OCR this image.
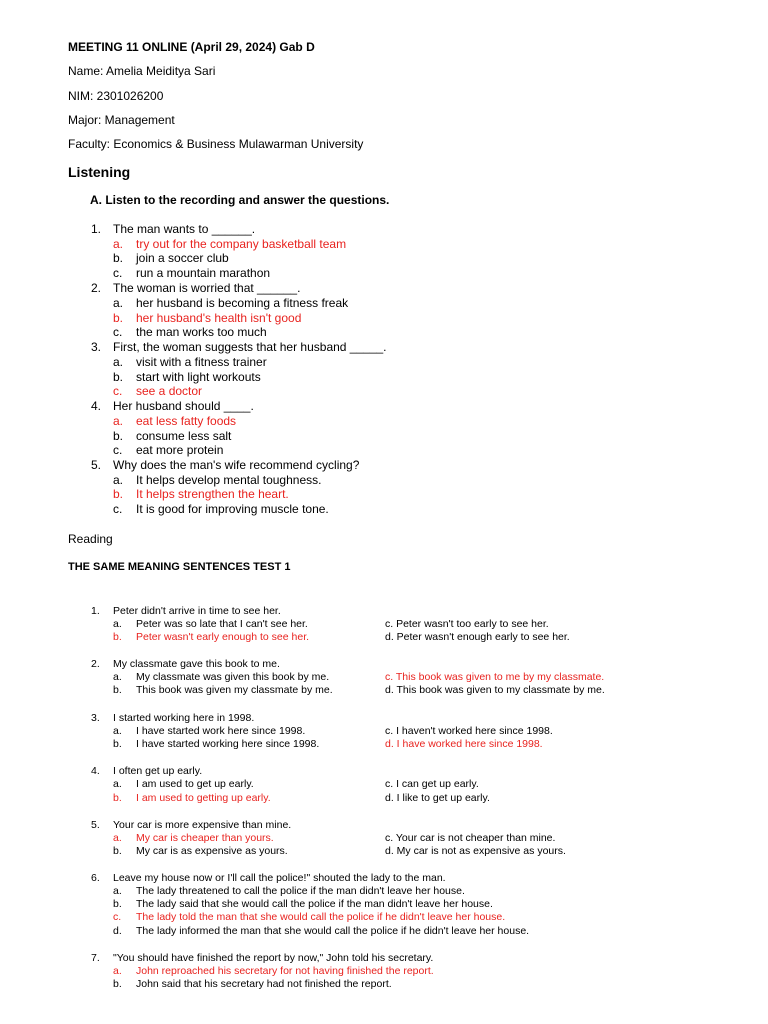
MEETING 11 ONLINE (April 29, 2024) Gab D
Name: Amelia Meiditya Sari
NIM: 2301026200
Major: Management
Faculty: Economics & Business Mulawarman University
Listening
A. Listen to the recording and answer the questions.
1. The man wants to ______.
a. try out for the company basketball team
b. join a soccer club
c. run a mountain marathon
2. The woman is worried that ______.
a. her husband is becoming a fitness freak
b. her husband's health isn't good
c. the man works too much
3. First, the woman suggests that her husband _____.
a. visit with a fitness trainer
b. start with light workouts
c. see a doctor
4. Her husband should ____.
a. eat less fatty foods
b. consume less salt
c. eat more protein
5. Why does the man's wife recommend cycling?
a. It helps develop mental toughness.
b. It helps strengthen the heart.
c. It is good for improving muscle tone.
Reading
THE SAME MEANING SENTENCES TEST 1
1. Peter didn't arrive in time to see her.
a. Peter was so late that I can't see her.
b. Peter wasn't early enough to see her.
c. Peter wasn't too early to see her.
d. Peter wasn't enough early to see her.
2. My classmate gave this book to me.
a. My classmate was given this book by me.
b. This book was given my classmate by me.
c. This book was given to me by my classmate.
d. This book was given to my classmate by me.
3. I started working here in 1998.
a. I have started work here since 1998.
b. I have started working here since 1998.
c. I haven't worked here since 1998.
d. I have worked here since 1998.
4. I often get up early.
a. I am used to get up early.
b. I am used to getting up early.
c. I can get up early.
d. I like to get up early.
5. Your car is more expensive than mine.
a. My car is cheaper than yours.
b. My car is as expensive as yours.
c. Your car is not cheaper than mine.
d. My car is not as expensive as yours.
6. Leave my house now or I'll call the police!" shouted the lady to the man.
a. The lady threatened to call the police if the man didn't leave her house.
b. The lady said that she would call the police if the man didn't leave her house.
c. The lady told the man that she would call the police if he didn't leave her house.
d. The lady informed the man that she would call the police if he didn't leave her house.
7. "You should have finished the report by now," John told his secretary.
a. John reproached his secretary for not having finished the report.
b. John said that his secretary had not finished the report.
